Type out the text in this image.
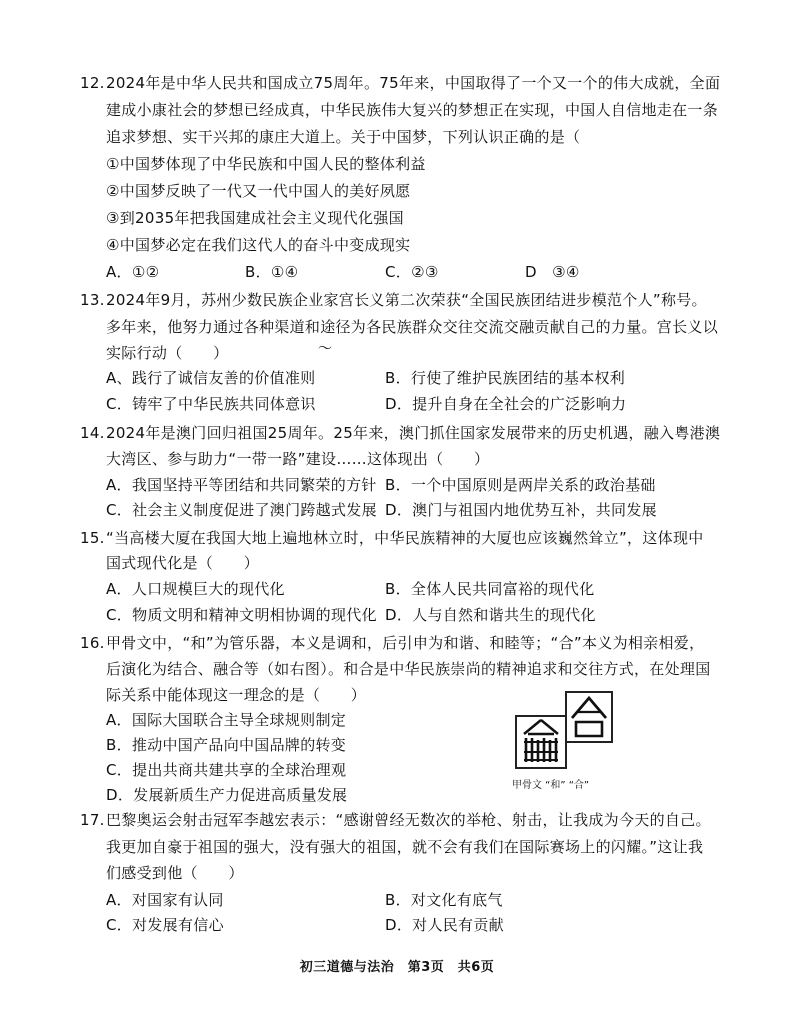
12.2024年是中华人民共和国成立75周年。75年来，中国取得了一个又一个的伟大成就，全面
建成小康社会的梦想已经成真，中华民族伟大复兴的梦想正在实现，中国人自信地走在一条
追求梦想、实干兴邦的康庄大道上。关于中国梦，下列认识正确的是（
①中国梦体现了中华民族和中国人民的整体利益
②中国梦反映了一代又一代中国人的美好夙愿
③到2035年把我国建成社会主义现代化强国
④中国梦必定在我们这代人的奋斗中变成现实
A．①②	B．①④	C．②③	D　③④
13.2024年9月，苏州少数民族企业家宫长义第二次荣获“全国民族团结进步模范个人”称号。
多年来，他努力通过各种渠道和途径为各民族群众交往交流交融贡献自己的力量。宫长义以
实际行动（　　）	～
A、践行了诚信友善的价值准则	B．行使了维护民族团结的基本权利
C．铸牢了中华民族共同体意识	D．提升自身在全社会的广泛影响力
14.2024年是澳门回归祖国25周年。25年来，澳门抓住国家发展带来的历史机遇，融入粤港澳
大湾区、参与助力“一带一路”建设……这体现出（　　）
A．我国坚持平等团结和共同繁荣的方针 B．一个中国原则是两岸关系的政治基础
C．社会主义制度促进了澳门跨越式发展 D．澳门与祖国内地优势互补，共同发展
15.“当高楼大厦在我国大地上遍地林立时，中华民族精神的大厦也应该巍然耸立”，这体现中
国式现代化是（　　）
A．人口规模巨大的现代化	B．全体人民共同富裕的现代化
C．物质文明和精神文明相协调的现代化 D．人与自然和谐共生的现代化
16.甲骨文中，“和”为管乐器，本义是调和，后引申为和谐、和睦等；“合”本义为相亲相爱，
后演化为结合、融合等（如右图）。和合是中华民族崇尚的精神追求和交往方式，在处理国
际关系中能体现这一理念的是（　　）
A．国际大国联合主导全球规则制定
B．推动中国产品向中国品牌的转变
C．提出共商共建共享的全球治理观
D．发展新质生产力促进高质量发展
甲骨文 “和” “合”
17.巴黎奥运会射击冠军李越宏表示：“感谢曾经无数次的举枪、射击，让我成为今天的自己。
我更加自豪于祖国的强大，没有强大的祖国，就不会有我们在国际赛场上的闪耀。”这让我
们感受到他（　　）
A．对国家有认同	B．对文化有底气
C．对发展有信心	D．对人民有贡献
初三道德与法治　第3页　共6页
